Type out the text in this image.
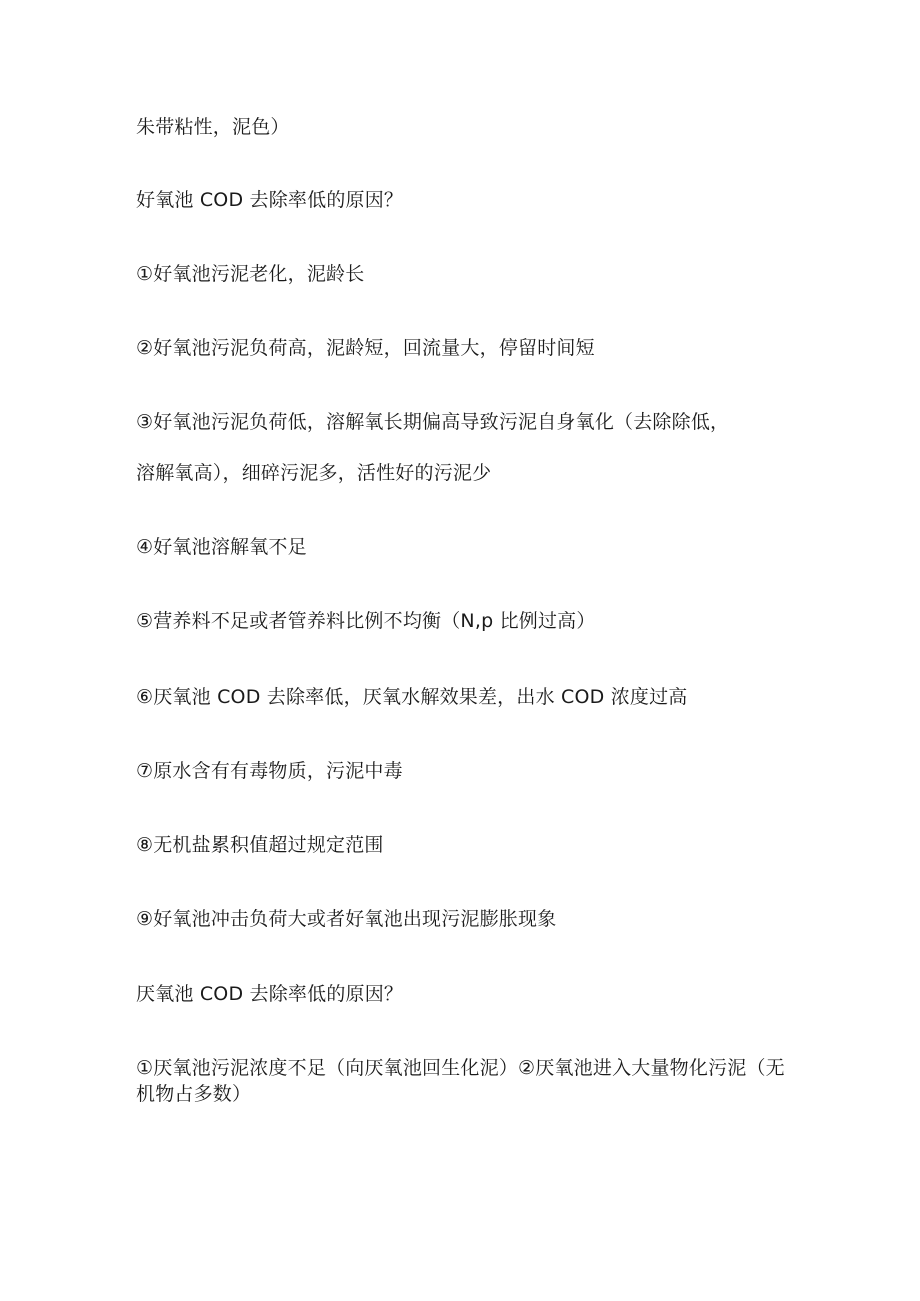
朱带粘性，泥色）
好氧池 COD 去除率低的原因？
①好氧池污泥老化，泥龄长
②好氧池污泥负荷高，泥龄短，回流量大，停留时间短
③好氧池污泥负荷低，溶解氧长期偏高导致污泥自身氧化（去除除低，
溶解氧高），细碎污泥多，活性好的污泥少
④好氧池溶解氧不足
⑤营养料不足或者管养料比例不均衡（N,p 比例过高）
⑥厌氧池 COD 去除率低，厌氧水解效果差，出水 COD 浓度过高
⑦原水含有有毒物质，污泥中毒
⑧无机盐累积值超过规定范围
⑨好氧池冲击负荷大或者好氧池出现污泥膨胀现象
厌氧池 COD 去除率低的原因？
①厌氧池污泥浓度不足（向厌氧池回生化泥）②厌氧池进入大量物化污泥（无机物占多数）
